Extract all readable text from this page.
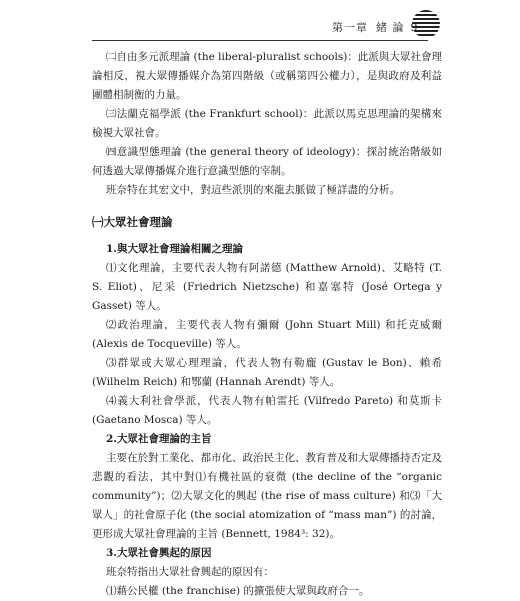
第一章 緒 論

㈡自由多元派理論 (the liberal-pluralist schools)：此派與大眾社會理論相反，視大眾傳播媒介為第四階級（或稱第四公權力），是與政府及利益團體相制衡的力量。

㈢法蘭克福學派 (the Frankfurt school)：此派以馬克思理論的架構來檢視大眾社會。

㈣意識型態理論 (the general theory of ideology)：探討統治階級如何透過大眾傳播媒介進行意識型態的宰制。

班奈特在其宏文中，對這些派別的來龍去脈做了極詳盡的分析。

㈠大眾社會理論

1.與大眾社會理論相關之理論

⑴文化理論，主要代表人物有阿諾德 (Matthew Arnold)、艾略特 (T. S. Eliot)、尼采 (Friedrich Nietzsche) 和嘉塞特 (José Ortega y Gasset) 等人。

⑵政治理論，主要代表人物有彌爾 (John Stuart Mill) 和托克威爾 (Alexis de Tocqueville) 等人。

⑶群眾或大眾心理理論，代表人物有勒龐 (Gustav le Bon)、賴希 (Wilhelm Reich) 和鄂蘭 (Hannah Arendt) 等人。

⑷義大利社會學派，代表人物有帕雷托 (Vilfredo Pareto) 和莫斯卡 (Gaetano Mosca) 等人。

2.大眾社會理論的主旨

主要在於對工業化、都市化、政治民主化、教育普及和大眾傳播持否定及悲觀的看法，其中對⑴有機社區的衰微 (the decline of the “organic community”)；⑵大眾文化的興起 (the rise of mass culture) 和⑶「大眾人」的社會原子化 (the social atomization of “mass man”) 的討論，更形成大眾社會理論的主旨 (Bennett, 1984³: 32)。

3.大眾社會興起的原因

班奈特指出大眾社會興起的原因有：

⑴藉公民權 (the franchise) 的擴張使大眾與政府合一。
